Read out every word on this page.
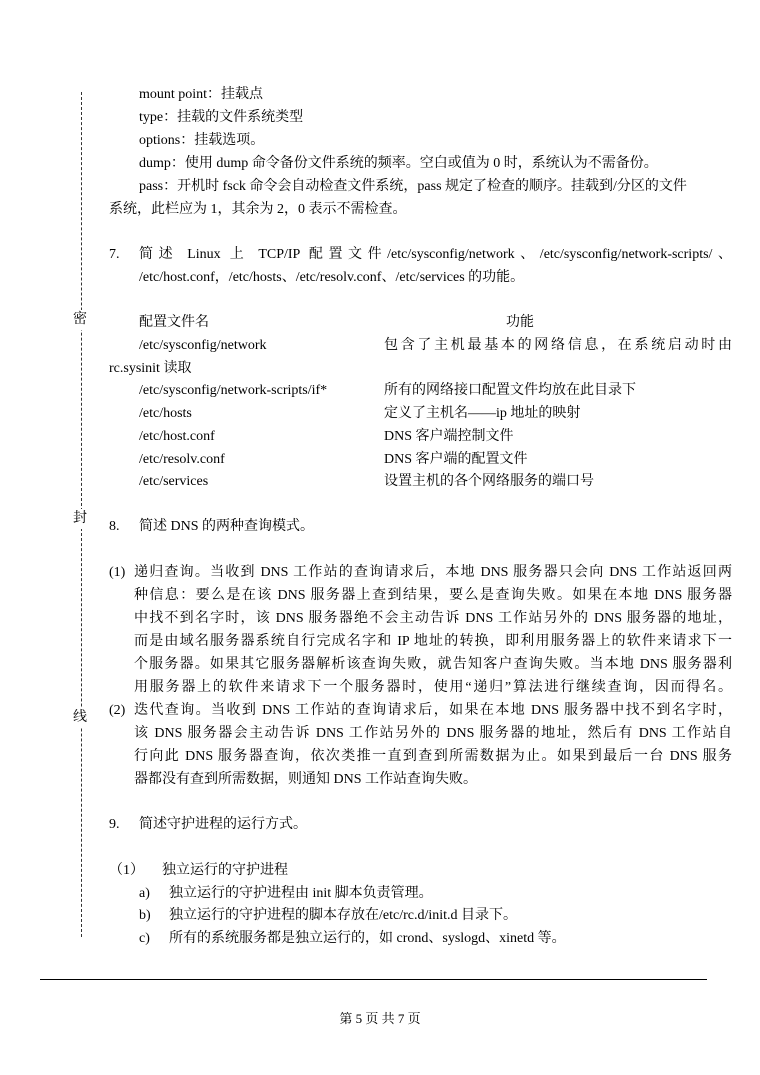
密
封
线
mount point：挂载点
type：挂载的文件系统类型
options：挂载选项。
dump：使用 dump 命令备份文件系统的频率。空白或值为 0 时，系统认为不需备份。
pass：开机时 fsck 命令会自动检查文件系统，pass 规定了检查的顺序。挂载到/分区的文件
系统，此栏应为 1，其余为 2，0 表示不需检查。
7. 简述 Linux 上 TCP/IP 配置文件/etc/sysconfig/network、/etc/sysconfig/network-scripts/、
/etc/host.conf，/etc/hosts、/etc/resolv.conf、/etc/services 的功能。
配置文件名	功能
/etc/sysconfig/network	包含了主机最基本的网络信息，在系统启动时由
rc.sysinit 读取
/etc/sysconfig/network-scripts/if*	所有的网络接口配置文件均放在此目录下
/etc/hosts	定义了主机名——ip 地址的映射
/etc/host.conf	DNS 客户端控制文件
/etc/resolv.conf	DNS 客户端的配置文件
/etc/services	设置主机的各个网络服务的端口号
8. 简述 DNS 的两种查询模式。
(1) 递归查询。当收到 DNS 工作站的查询请求后，本地 DNS 服务器只会向 DNS 工作站返回两
种信息：要么是在该 DNS 服务器上查到结果，要么是查询失败。如果在本地 DNS 服务器
中找不到名字时，该 DNS 服务器绝不会主动告诉 DNS 工作站另外的 DNS 服务器的地址，
而是由域名服务器系统自行完成名字和 IP 地址的转换，即利用服务器上的软件来请求下一
个服务器。如果其它服务器解析该查询失败，就告知客户查询失败。当本地 DNS 服务器利
用服务器上的软件来请求下一个服务器时，使用“递归”算法进行继续查询，因而得名。
(2) 迭代查询。当收到 DNS 工作站的查询请求后，如果在本地 DNS 服务器中找不到名字时，
该 DNS 服务器会主动告诉 DNS 工作站另外的 DNS 服务器的地址，然后有 DNS 工作站自
行向此 DNS 服务器查询，依次类推一直到查到所需数据为止。如果到最后一台 DNS 服务
器都没有查到所需数据，则通知 DNS 工作站查询失败。
9. 简述守护进程的运行方式。
（1） 独立运行的守护进程
a) 独立运行的守护进程由 init 脚本负责管理。
b) 独立运行的守护进程的脚本存放在/etc/rc.d/init.d 目录下。
c) 所有的系统服务都是独立运行的，如 crond、syslogd、xinetd 等。
第 5 页 共 7 页
